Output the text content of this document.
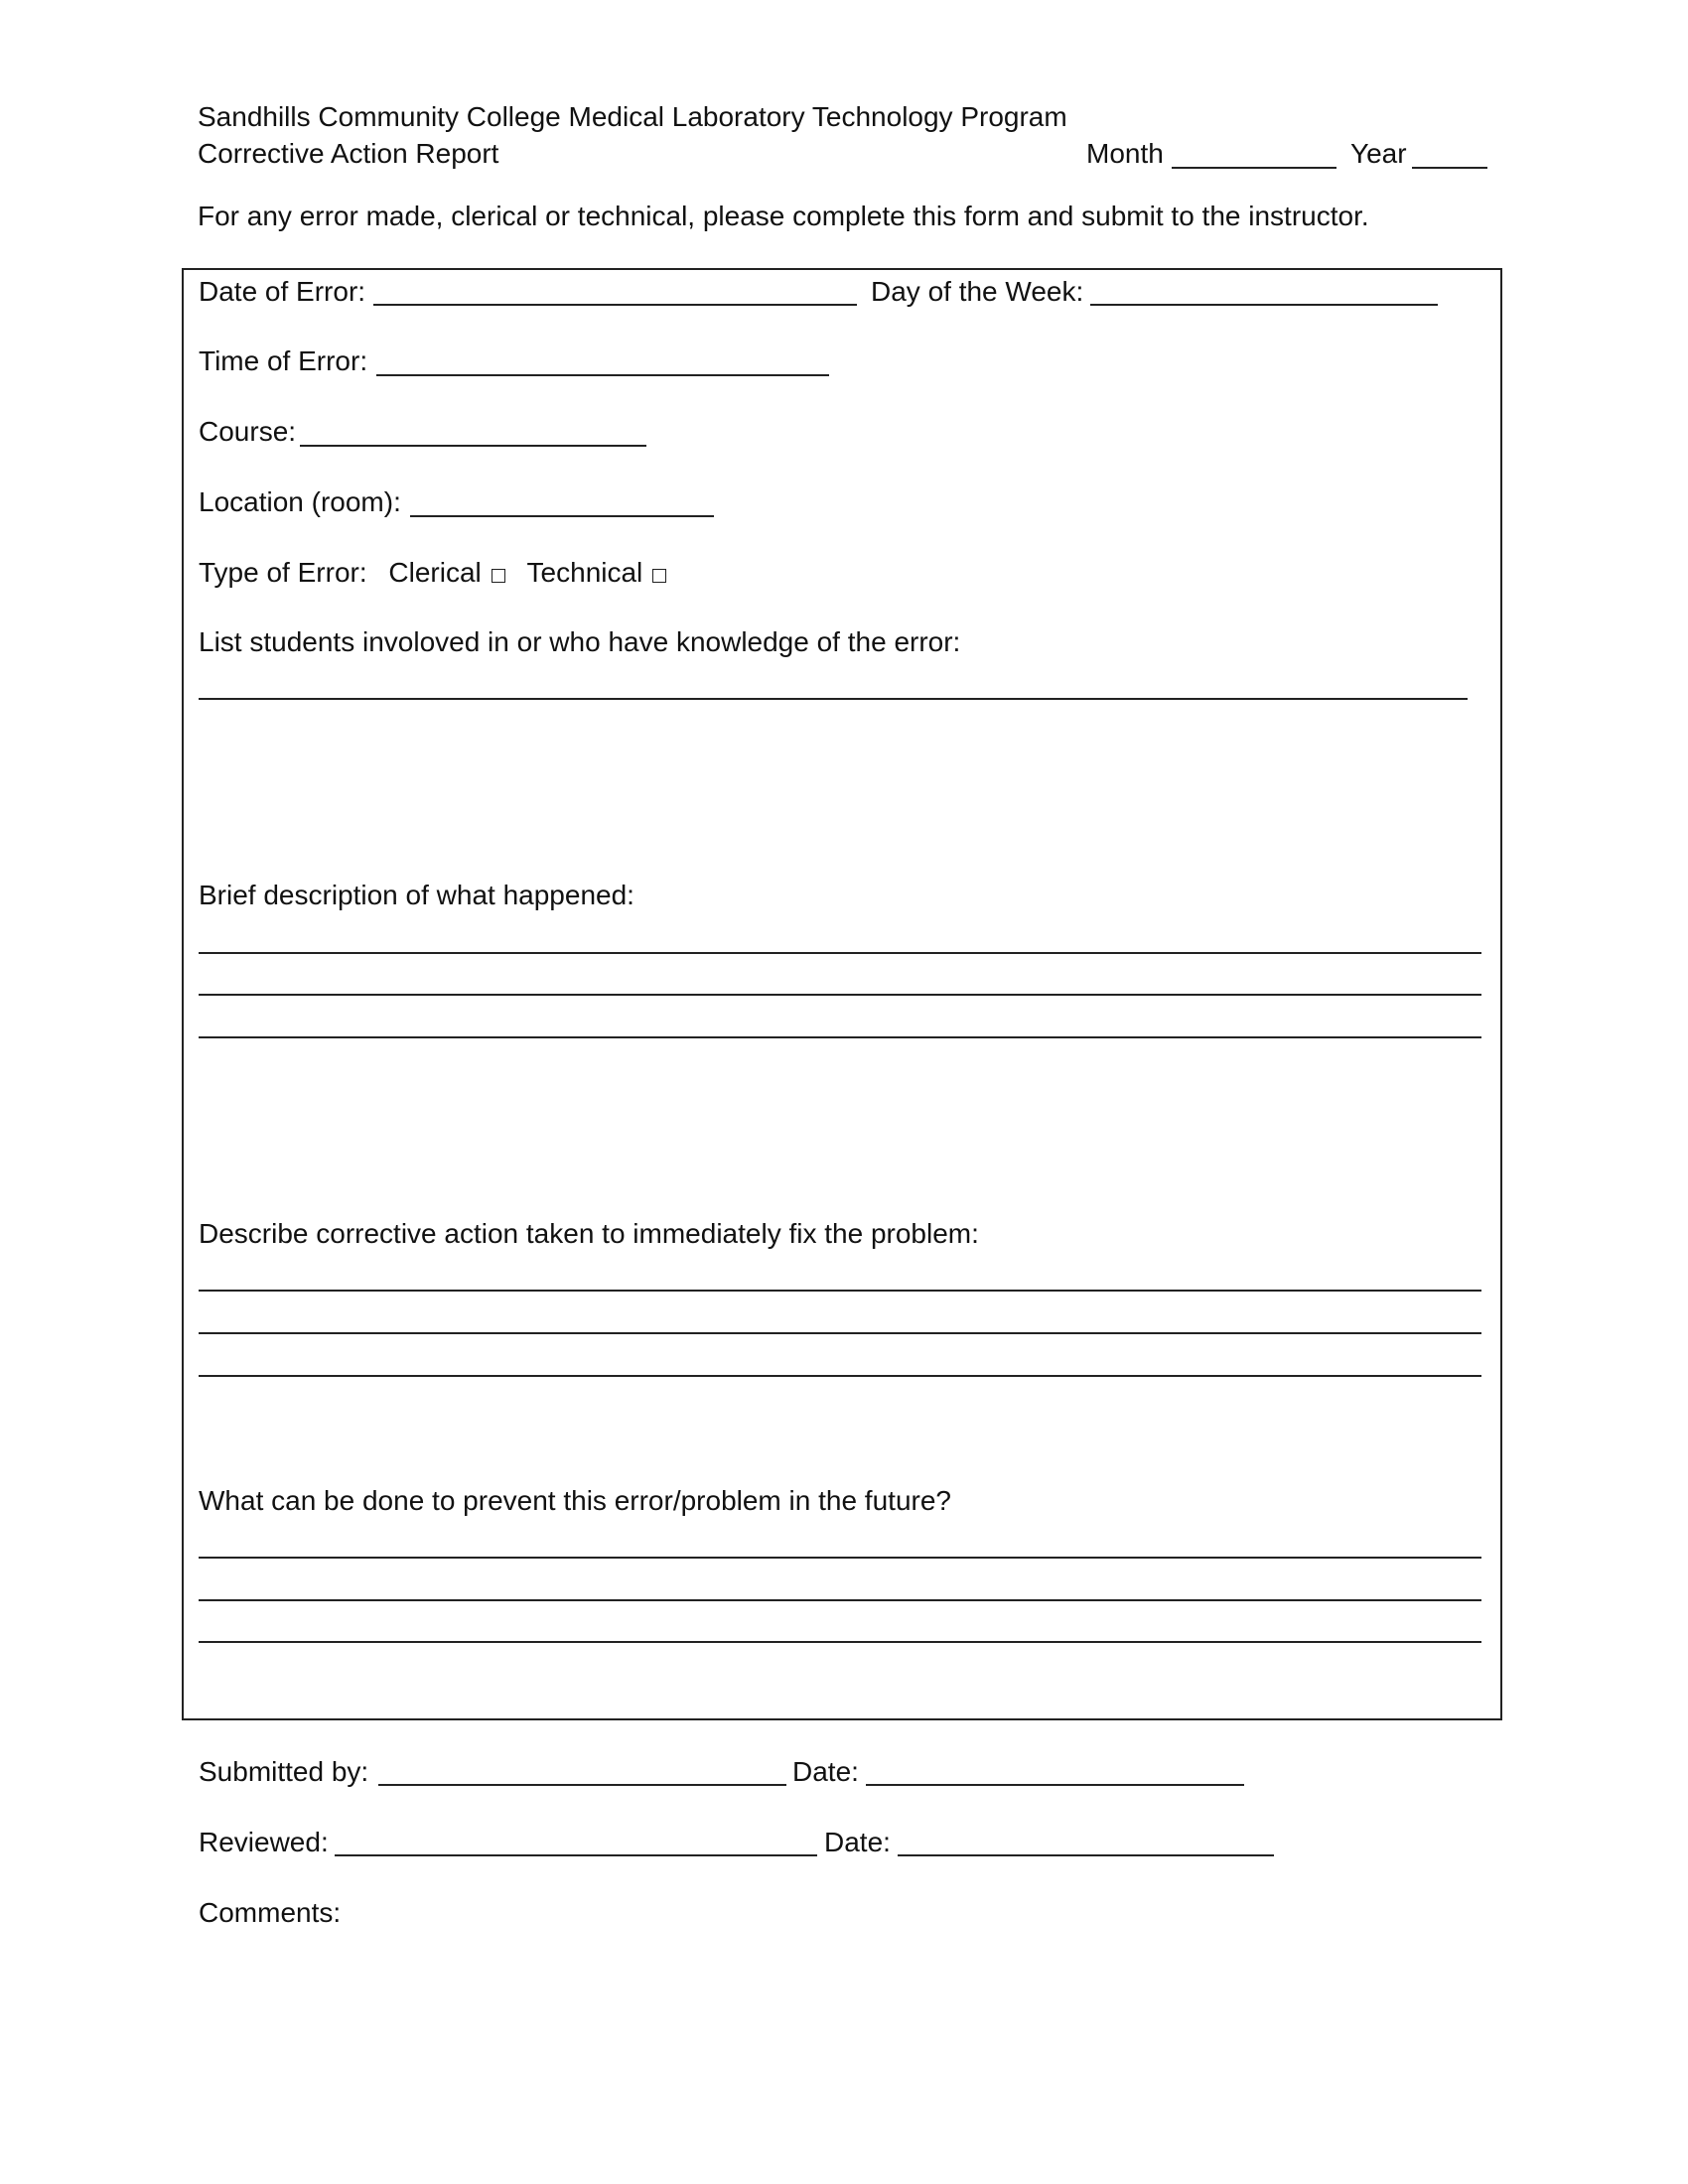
Sandhills Community College Medical Laboratory Technology Program
Corrective Action Report	Month	Year
For any error made, clerical or technical, please complete this form and submit to the instructor.
Date of Error:	Day of the Week:
Time of Error:
Course:
Location (room):
Type of Error: Clerical Technical
List students involoved in or who have knowledge of the error:
Brief description of what happened:
Describe corrective action taken to immediately fix the problem:
What can be done to prevent this error/problem in the future?
Submitted by:	Date:
Reviewed:	Date:
Comments:
